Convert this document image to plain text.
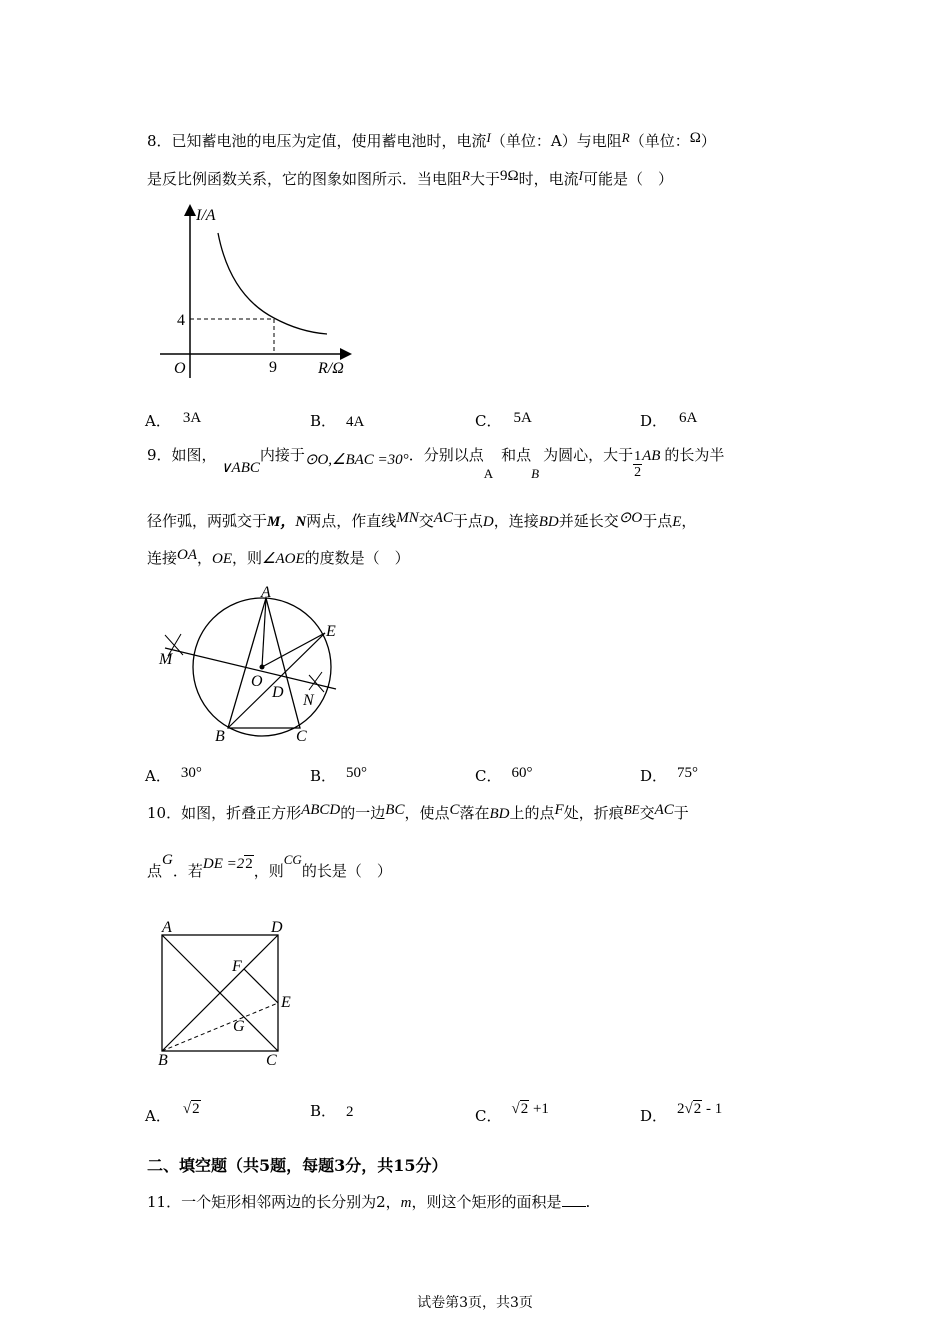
8．已知蓄电池的电压为定值，使用蓄电池时，电流I（单位：A）与电阻R（单位：Ω）
是反比例函数关系，它的图象如图所示．当电阻R大于9Ω时，电流I可能是（　）
I/A
R/Ω
O
4
9
A． 3A	B． 4A	C． 5A	D． 6A
9．如图，∨ABC内接于⊙O,∠BAC =30°．分别以点A和点B为圆心，大于 $\frac{1}{2}$ AB 的长为半
径作弧，两弧交于M，N两点，作直线MN交AC于点D，连接BD并延长交⊙O于点E，
连接OA，OE，则∠AOE的度数是（　）
A
E
M
O
D N
B	C
A． 30°	B． 50°	C． 60°	D． 75°
10．如图，折叠正方形ABCD的一边BC，使点C落在BD上的点F处，折痕BE交AC于
点G．若DE =22，则CG的长是（　）
A	D
F
E
G
B	C
A． √2	B． 2	C． √2 +1	D． 2√2 - 1
二、填空题（共5题，每题3分，共15分）
11．一个矩形相邻两边的长分别为2，m，则这个矩形的面积是 .
试卷第3页，共3页
